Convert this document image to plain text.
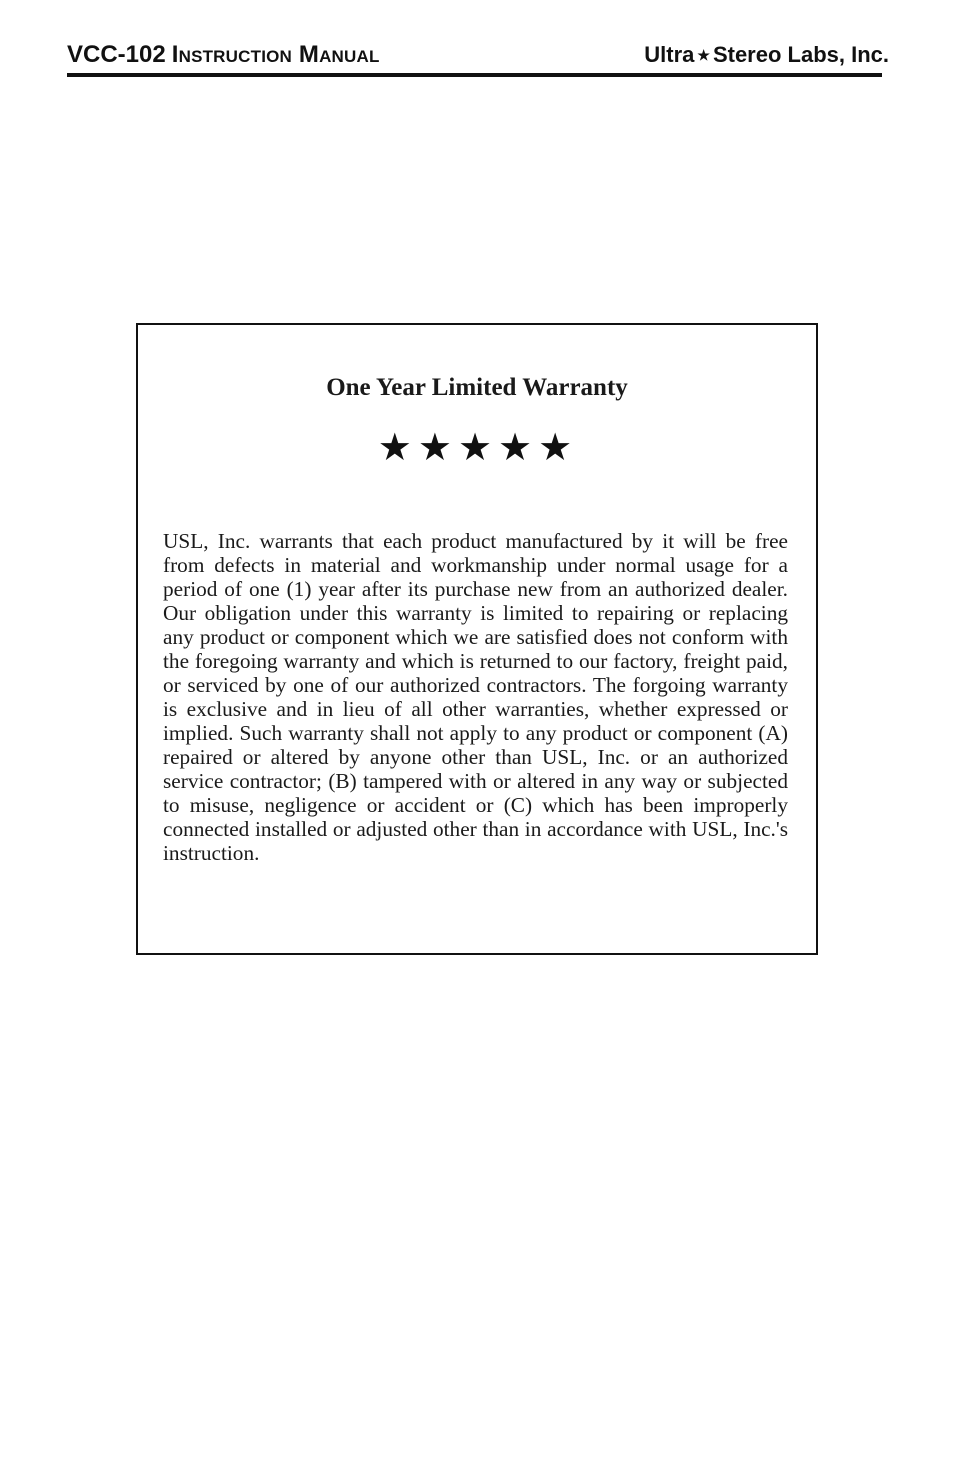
VCC-102 Instruction Manual	Ultra ★ Stereo Labs, Inc.
One Year Limited Warranty
★★★★★
USL, Inc. warrants that each product manufactured by it will be free from defects in material and workmanship under normal usage for a period of one (1) year after its purchase new from an authorized dealer. Our obligation under this warranty is limited to repairing or replacing any product or component which we are satisfied does not conform with the foregoing warranty and which is returned to our factory, freight paid, or serviced by one of our authorized contractors. The forgoing warranty is exclusive and in lieu of all other warranties, whether expressed or implied. Such warranty shall not apply to any product or component (A) repaired or altered by anyone other than USL, Inc. or an authorized service contractor; (B) tampered with or altered in any way or subjected to misuse, negligence or accident or (C) which has been improperly connected installed or adjusted other than in accordance with USL, Inc.'s instruction.
